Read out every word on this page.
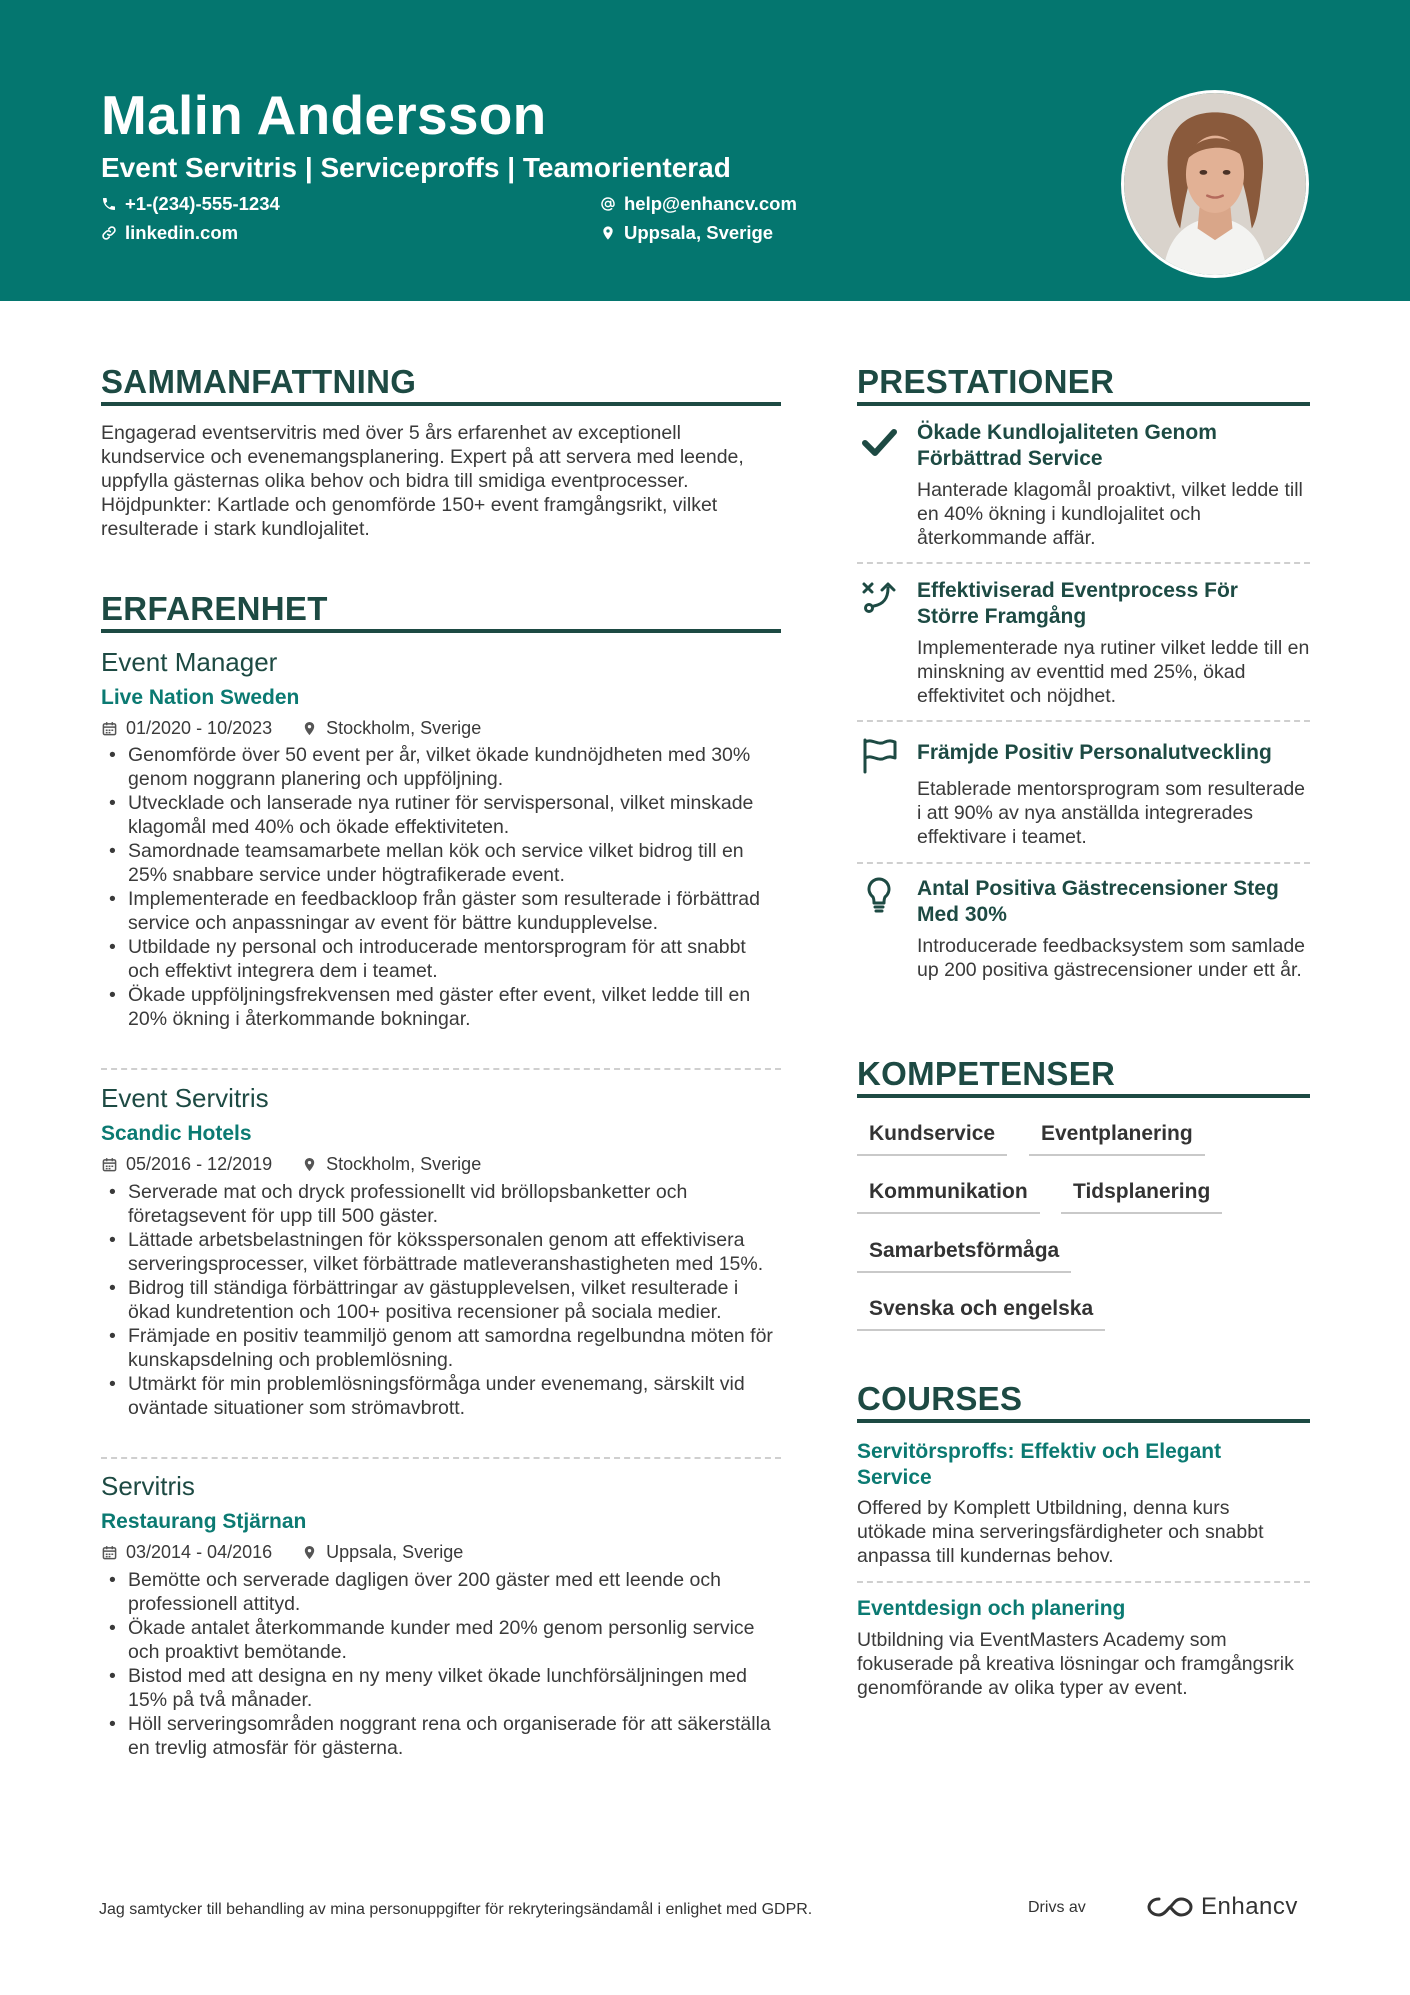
Malin Andersson
Event Servitris | Serviceproffs | Teamorienterad
+1-(234)-555-1234
linkedin.com
help@enhancv.com
Uppsala, Sverige
SAMMANFATTNING
Engagerad eventservitris med över 5 års erfarenhet av exceptionell kundservice och evenemangsplanering. Expert på att servera med leende, uppfylla gästernas olika behov och bidra till smidiga eventprocesser. Höjdpunkter: Kartlade och genomförde 150+ event framgångsrikt, vilket resulterade i stark kundlojalitet.
ERFARENHET
Event Manager
Live Nation Sweden
01/2020 - 10/2023	Stockholm, Sverige
• Genomförde över 50 event per år, vilket ökade kundnöjdheten med 30% genom noggrann planering och uppföljning.
• Utvecklade och lanserade nya rutiner för servispersonal, vilket minskade klagomål med 40% och ökade effektiviteten.
• Samordnade teamsamarbete mellan kök och service vilket bidrog till en 25% snabbare service under högtrafikerade event.
• Implementerade en feedbackloop från gäster som resulterade i förbättrad service och anpassningar av event för bättre kundupplevelse.
• Utbildade ny personal och introducerade mentorsprogram för att snabbt och effektivt integrera dem i teamet.
• Ökade uppföljningsfrekvensen med gäster efter event, vilket ledde till en 20% ökning i återkommande bokningar.
Event Servitris
Scandic Hotels
05/2016 - 12/2019	Stockholm, Sverige
• Serverade mat och dryck professionellt vid bröllopsbanketter och företagsevent för upp till 500 gäster.
• Lättade arbetsbelastningen för köksspersonalen genom att effektivisera serveringsprocesser, vilket förbättrade matleveranshastigheten med 15%.
• Bidrog till ständiga förbättringar av gästupplevelsen, vilket resulterade i ökad kundretention och 100+ positiva recensioner på sociala medier.
• Främjade en positiv teammiljö genom att samordna regelbundna möten för kunskapsdelning och problemlösning.
• Utmärkt för min problemlösningsförmåga under evenemang, särskilt vid oväntade situationer som strömavbrott.
Servitris
Restaurang Stjärnan
03/2014 - 04/2016	Uppsala, Sverige
• Bemötte och serverade dagligen över 200 gäster med ett leende och professionell attityd.
• Ökade antalet återkommande kunder med 20% genom personlig service och proaktivt bemötande.
• Bistod med att designa en ny meny vilket ökade lunchförsäljningen med 15% på två månader.
• Höll serveringsområden noggrant rena och organiserade för att säkerställa en trevlig atmosfär för gästerna.
PRESTATIONER
Ökade Kundlojaliteten Genom Förbättrad Service
Hanterade klagomål proaktivt, vilket ledde till en 40% ökning i kundlojalitet och återkommande affär.
Effektiviserad Eventprocess För Större Framgång
Implementerade nya rutiner vilket ledde till en minskning av eventtid med 25%, ökad effektivitet och nöjdhet.
Främjde Positiv Personalutveckling
Etablerade mentorsprogram som resulterade i att 90% av nya anställda integrerades effektivare i teamet.
Antal Positiva Gästrecensioner Steg Med 30%
Introducerade feedbacksystem som samlade up 200 positiva gästrecensioner under ett år.
KOMPETENSER
Kundservice	Eventplanering
Kommunikation	Tidsplanering
Samarbetsförmåga
Svenska och engelska
COURSES
Servitörsproffs: Effektiv och Elegant Service
Offered by Komplett Utbildning, denna kurs utökade mina serveringsfärdigheter och snabbt anpassa till kundernas behov.
Eventdesign och planering
Utbildning via EventMasters Academy som fokuserade på kreativa lösningar och framgångsrik genomförande av olika typer av event.
Jag samtycker till behandling av mina personuppgifter för rekryteringsändamål i enlighet med GDPR.	Drivs av	Enhancv
